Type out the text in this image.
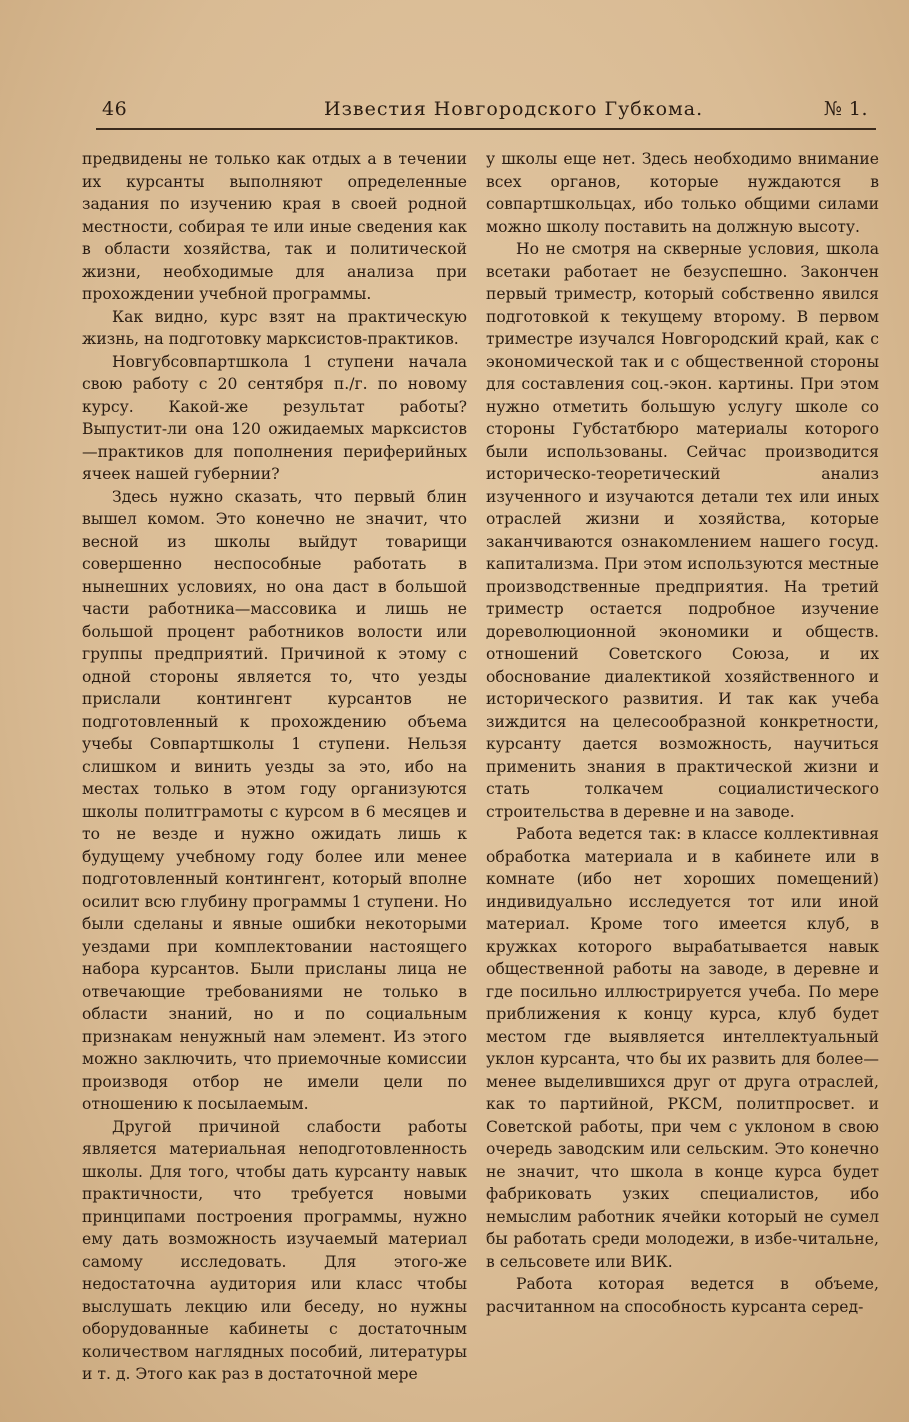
46	Известия Новгородского Губкома.	№ 1.

предвидены не только как отдых а в течении их курсанты выполняют определенные задания по изучению края в своей родной местности, собирая те или иные сведения как в области хозяйства, так и политической жизни, необходимые для анализа при прохождении учебной программы.

Как видно, курс взят на практическую жизнь, на подготовку марксистов-практиков.

Новгубсовпартшкола 1 ступени начала свою работу с 20 сентября п./г. по новому курсу. Какой-же результат работы? Выпустит-ли она 120 ожидаемых марксистов—практиков для пополнения периферийных ячеек нашей губернии?

Здесь нужно сказать, что первый блин вышел комом. Это конечно не значит, что весной из школы выйдут товарищи совершенно неспособные работать в нынешних условиях, но она даст в большой части работника—массовика и лишь не большой процент работников волости или группы предприятий. Причиной к этому с одной стороны является то, что уезды прислали контингент курсантов не подготовленный к прохождению объема учебы Совпартшколы 1 ступени. Нельзя слишком и винить уезды за это, ибо на местах только в этом году организуются школы политграмоты с курсом в 6 месяцев и то не везде и нужно ожидать лишь к будущему учебному году более или менее подготовленный контингент, который вполне осилит всю глубину программы 1 ступени. Но были сделаны и явные ошибки некоторыми уездами при комплектовании настоящего набора курсантов. Были присланы лица не отвечающие требованиями не только в области знаний, но и по социальным признакам ненужный нам элемент. Из этого можно заключить, что приемочные комиссии производя отбор не имели цели по отношению к посылаемым.

Другой причиной слабости работы является материальная неподготовленность школы. Для того, чтобы дать курсанту навык практичности, что требуется новыми принципами построения программы, нужно ему дать возможность изучаемый материал самому исследовать. Для этого-же недостаточна аудитория или класс чтобы выслушать лекцию или беседу, но нужны оборудованные кабинеты с достаточным количеством наглядных пособий, литературы и т. д. Этого как раз в достаточной мере

у школы еще нет. Здесь необходимо внимание всех органов, которые нуждаются в совпартшкольцах, ибо только общими силами можно школу поставить на должную высоту.

Но не смотря на скверные условия, школа всетаки работает не безуспешно. Закончен первый триместр, который собственно явился подготовкой к текущему второму. В первом триместре изучался Новгородский край, как с экономической так и с общественной стороны для составления соц.-экон. картины. При этом нужно отметить большую услугу школе со стороны Губстатбюро материалы которого были использованы. Сейчас производится историческо-теоретический анализ изученного и изучаются детали тех или иных отраслей жизни и хозяйства, которые заканчиваются ознакомлением нашего госуд. капитализма. При этом используются местные производственные предприятия. На третий триместр остается подробное изучение дореволюционной экономики и обществ. отношений Советского Союза, и их обоснование диалектикой хозяйственного и исторического развития. И так как учеба зиждится на целесообразной конкретности, курсанту дается возможность, научиться применить знания в практической жизни и стать толкачем социалистического строительства в деревне и на заводе.

Работа ведется так: в классе коллективная обработка материала и в кабинете или в комнате (ибо нет хороших помещений) индивидуально исследуется тот или иной материал. Кроме того имеется клуб, в кружках которого вырабатывается навык общественной работы на заводе, в деревне и где посильно иллюстрируется учеба. По мере приближения к концу курса, клуб будет местом где выявляется интеллектуальный уклон курсанта, что бы их развить для более—менее выделившихся друг от друга отраслей, как то партийной, РКСМ, политпросвет. и Советской работы, при чем с уклоном в свою очередь заводским или сельским. Это конечно не значит, что школа в конце курса будет фабриковать узких специалистов, ибо немыслим работник ячейки который не сумел бы работать среди молодежи, в избе-читальне, в сельсовете или ВИК.

Работа которая ведется в объеме, расчитанном на способность курсанта серед-
